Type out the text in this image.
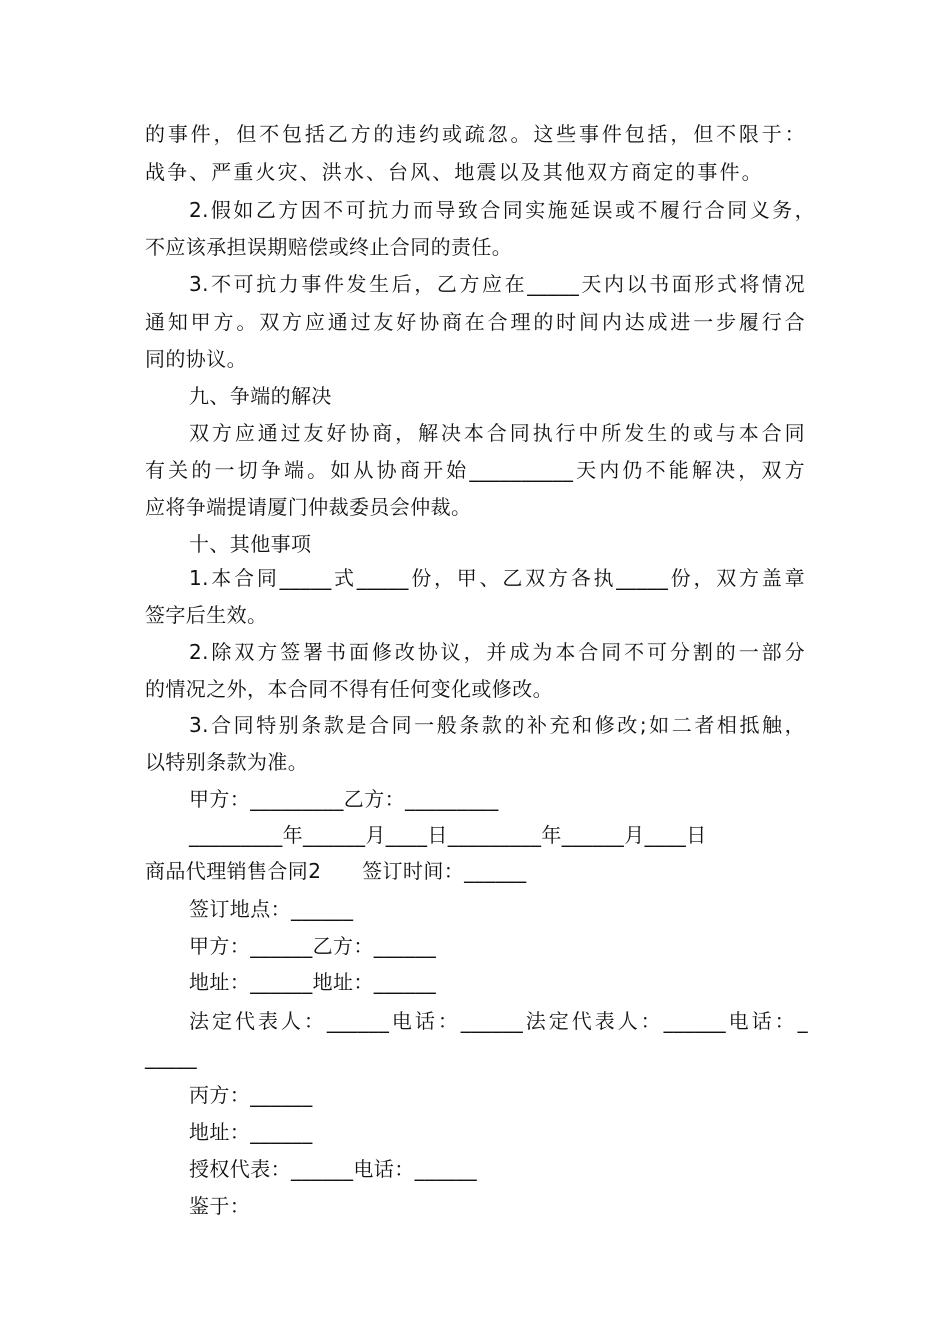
的事件，但不包括乙方的违约或疏忽。这些事件包括，但不限于：
战争、严重火灾、洪水、台风、地震以及其他双方商定的事件。
2.假如乙方因不可抗力而导致合同实施延误或不履行合同义务，
不应该承担误期赔偿或终止合同的责任。
3.不可抗力事件发生后，乙方应在_____天内以书面形式将情况
通知甲方。双方应通过友好协商在合理的时间内达成进一步履行合
同的协议。
九、争端的解决
双方应通过友好协商，解决本合同执行中所发生的或与本合同
有关的一切争端。如从协商开始__________天内仍不能解决，双方
应将争端提请厦门仲裁委员会仲裁。
十、其他事项
1.本合同_____式_____份，甲、乙双方各执_____份，双方盖章
签字后生效。
2.除双方签署书面修改协议，并成为本合同不可分割的一部分
的情况之外，本合同不得有任何变化或修改。
3.合同特别条款是合同一般条款的补充和修改;如二者相抵触，
以特别条款为准。
甲方：_________乙方：_________
_________年______月____日_________年______月____日
商品代理销售合同2　　签订时间：______
签订地点：______
甲方：______乙方：______
地址：______地址：______
法定代表人：______电话：______法定代表人：______电话：_
_____
丙方：______
地址：______
授权代表：______电话：______
鉴于：
